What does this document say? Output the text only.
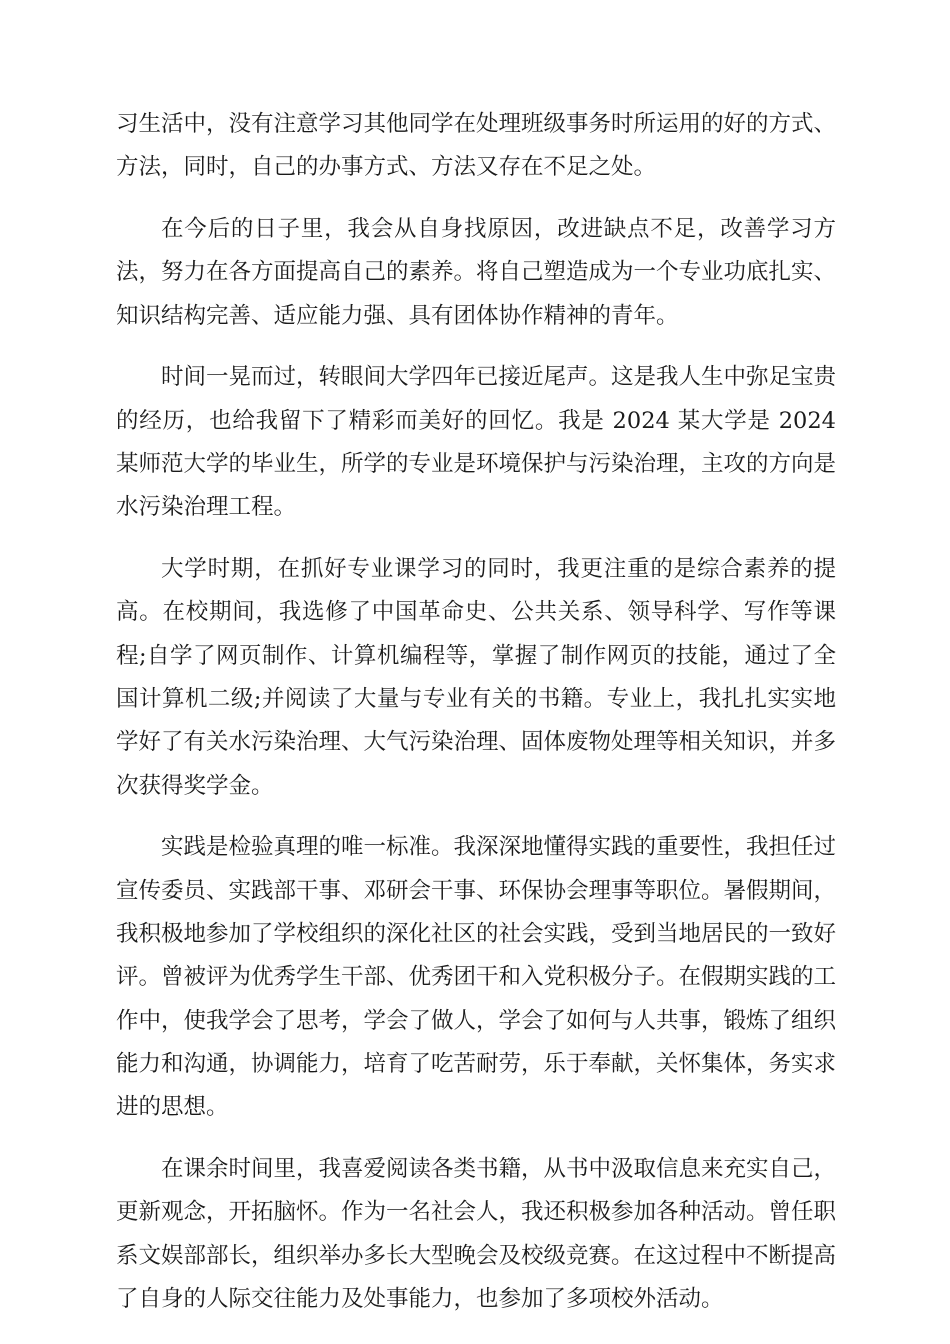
习生活中，没有注意学习其他同学在处理班级事务时所运用的好的方式、方法，同时，自己的办事方式、方法又存在不足之处。

在今后的日子里，我会从自身找原因，改进缺点不足，改善学习方法，努力在各方面提高自己的素养。将自己塑造成为一个专业功底扎实、知识结构完善、适应能力强、具有团体协作精神的青年。

时间一晃而过，转眼间大学四年已接近尾声。这是我人生中弥足宝贵的经历，也给我留下了精彩而美好的回忆。我是 2024 某大学是 2024 某师范大学的毕业生，所学的专业是环境保护与污染治理，主攻的方向是水污染治理工程。

大学时期，在抓好专业课学习的同时，我更注重的是综合素养的提高。在校期间，我选修了中国革命史、公共关系、领导科学、写作等课程;自学了网页制作、计算机编程等，掌握了制作网页的技能，通过了全国计算机二级;并阅读了大量与专业有关的书籍。专业上，我扎扎实实地学好了有关水污染治理、大气污染治理、固体废物处理等相关知识，并多次获得奖学金。

实践是检验真理的唯一标准。我深深地懂得实践的重要性，我担任过宣传委员、实践部干事、邓研会干事、环保协会理事等职位。暑假期间，我积极地参加了学校组织的深化社区的社会实践，受到当地居民的一致好评。曾被评为优秀学生干部、优秀团干和入党积极分子。在假期实践的工作中，使我学会了思考，学会了做人，学会了如何与人共事，锻炼了组织能力和沟通，协调能力，培育了吃苦耐劳，乐于奉献，关怀集体，务实求进的思想。

在课余时间里，我喜爱阅读各类书籍，从书中汲取信息来充实自己，更新观念，开拓脑怀。作为一名社会人，我还积极参加各种活动。曾任职系文娱部部长，组织举办多长大型晚会及校级竞赛。在这过程中不断提高了自身的人际交往能力及处事能力，也参加了多项校外活动。
